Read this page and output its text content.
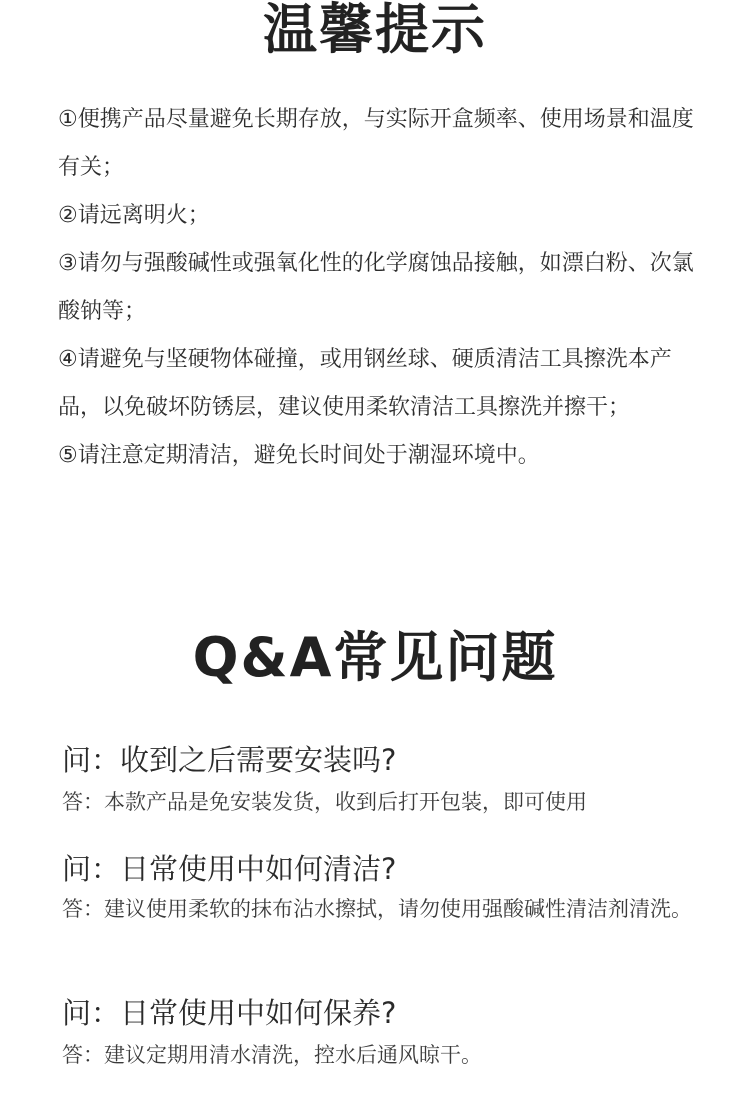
温馨提示
①便携产品尽量避免长期存放，与实际开盒频率、使用场景和温度有关；
②请远离明火；
③请勿与强酸碱性或强氧化性的化学腐蚀品接触，如漂白粉、次氯酸钠等；
④请避免与坚硬物体碰撞，或用钢丝球、硬质清洁工具擦洗本产品，以免破坏防锈层，建议使用柔软清洁工具擦洗并擦干；
⑤请注意定期清洁，避免长时间处于潮湿环境中。
Q&A常见问题

问：收到之后需要安装吗?

答：本款产品是免安装发货，收到后打开包装，即可使用

问：日常使用中如何清洁?

答：建议使用柔软的抹布沾水擦拭，请勿使用强酸碱性清洁剂清洗。

问：日常使用中如何保养?

答：建议定期用清水清洗，控水后通风晾干。
